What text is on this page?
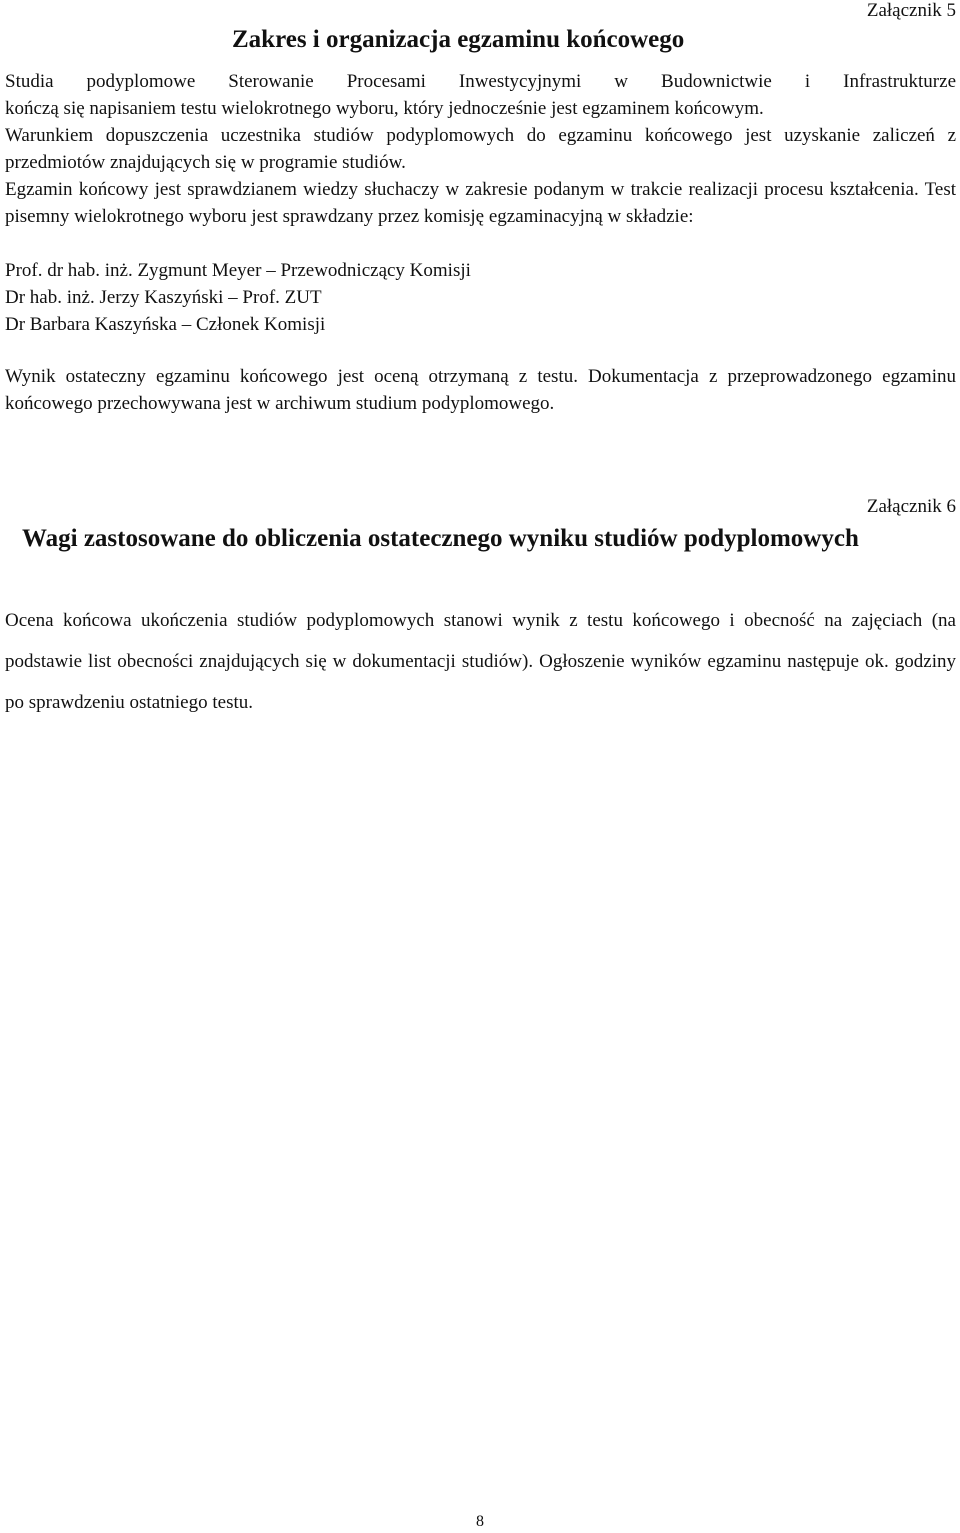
Załącznik 5
Zakres i organizacja egzaminu końcowego
Studia podyplomowe Sterowanie Procesami Inwestycyjnymi w Budownictwie i Infrastrukturze
kończą się napisaniem testu wielokrotnego wyboru, który jednocześnie jest egzaminem końcowym.
Warunkiem dopuszczenia uczestnika studiów podyplomowych do egzaminu końcowego jest uzyskanie zaliczeń z przedmiotów znajdujących się w programie studiów.
Egzamin końcowy jest sprawdzianem wiedzy słuchaczy w zakresie podanym w trakcie realizacji procesu kształcenia. Test pisemny wielokrotnego wyboru jest sprawdzany przez komisję egzaminacyjną w składzie:
Prof. dr hab. inż. Zygmunt Meyer – Przewodniczący Komisji
Dr hab. inż. Jerzy Kaszyński – Prof. ZUT
Dr Barbara Kaszyńska – Członek Komisji
Wynik ostateczny egzaminu końcowego jest oceną otrzymaną z testu. Dokumentacja z przeprowadzonego egzaminu końcowego przechowywana jest w archiwum studium podyplomowego.
Załącznik 6
Wagi zastosowane do obliczenia ostatecznego wyniku studiów podyplomowych
Ocena końcowa ukończenia studiów podyplomowych stanowi wynik z testu końcowego i obecność na zajęciach (na podstawie list obecności znajdujących się w dokumentacji studiów). Ogłoszenie wyników egzaminu następuje ok. godziny po sprawdzeniu ostatniego testu.
8
